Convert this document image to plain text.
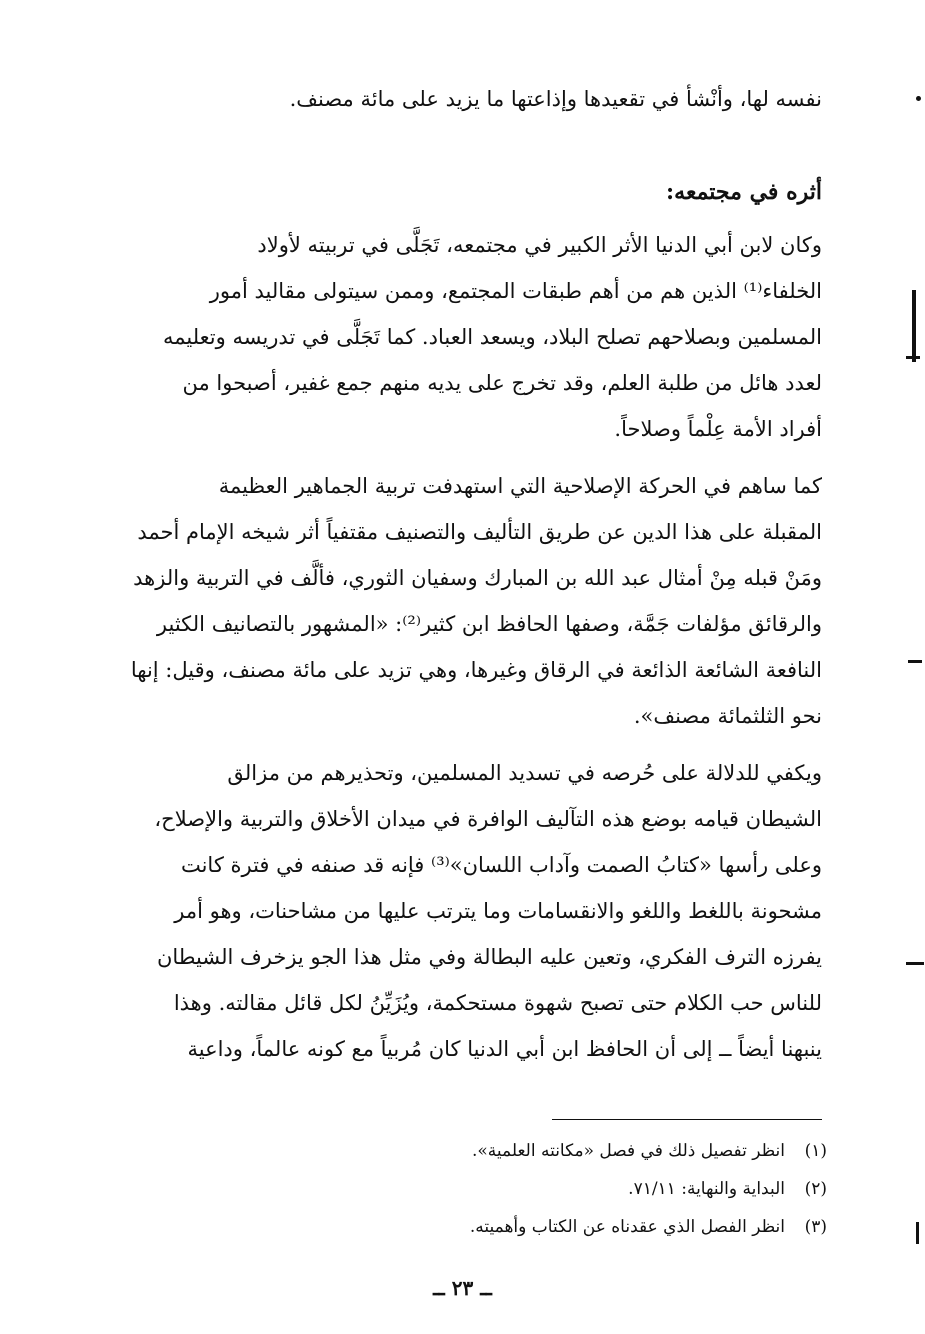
نفسه لها، وأنْشأ في تقعيدها وإذاعتها ما يزيد على مائة مصنف.
أثره في مجتمعه:
وكان لابن أبي الدنيا الأثر الكبير في مجتمعه، تَجَلَّى في تربيته لأولاد
الخلفاء⁽¹⁾ الذين هم من أهم طبقات المجتمع، وممن سيتولى مقاليد أمور
المسلمين وبصلاحهم تصلح البلاد، ويسعد العباد. كما تَجَلَّى في تدريسه وتعليمه
لعدد هائل من طلبة العلم، وقد تخرج على يديه منهم جمع غفير، أصبحوا من
أفراد الأمة عِلْماً وصلاحاً.
كما ساهم في الحركة الإصلاحية التي استهدفت تربية الجماهير العظيمة
المقبلة على هذا الدين عن طريق التأليف والتصنيف مقتفياً أثر شيخه الإمام أحمد
ومَنْ قبله مِنْ أمثال عبد الله بن المبارك وسفيان الثوري، فألَّف في التربية والزهد
والرقائق مؤلفات جَمَّة، وصفها الحافظ ابن كثير⁽²⁾: «المشهور بالتصانيف الكثير
النافعة الشائعة الذائعة في الرقاق وغيرها، وهي تزيد على مائة مصنف، وقيل: إنها
نحو الثلثمائة مصنف».
ويكفي للدلالة على حُرصه في تسديد المسلمين، وتحذيرهم من مزالق
الشيطان قيامه بوضع هذه التآليف الوافرة في ميدان الأخلاق والتربية والإصلاح،
وعلى رأسها «كتابُ الصمت وآداب اللسان»⁽³⁾ فإنه قد صنفه في فترة كانت
مشحونة باللغط واللغو والانقسامات وما يترتب عليها من مشاحنات، وهو أمر
يفرزه الترف الفكري، وتعين عليه البطالة وفي مثل هذا الجو يزخرف الشيطان
للناس حب الكلام حتى تصبح شهوة مستحكمة، ويُزَيِّنُ لكل قائل مقالته. وهذا
ينبهنا أيضاً ــ إلى أن الحافظ ابن أبي الدنيا كان مُربياً مع كونه عالماً، وداعية
(١)
انظر تفصيل ذلك في فصل «مكانته العلمية».
(٢)
البداية والنهاية: ٧١/١١.
(٣)
انظر الفصل الذي عقدناه عن الكتاب وأهميته.
ــ ٢٣ ــ
